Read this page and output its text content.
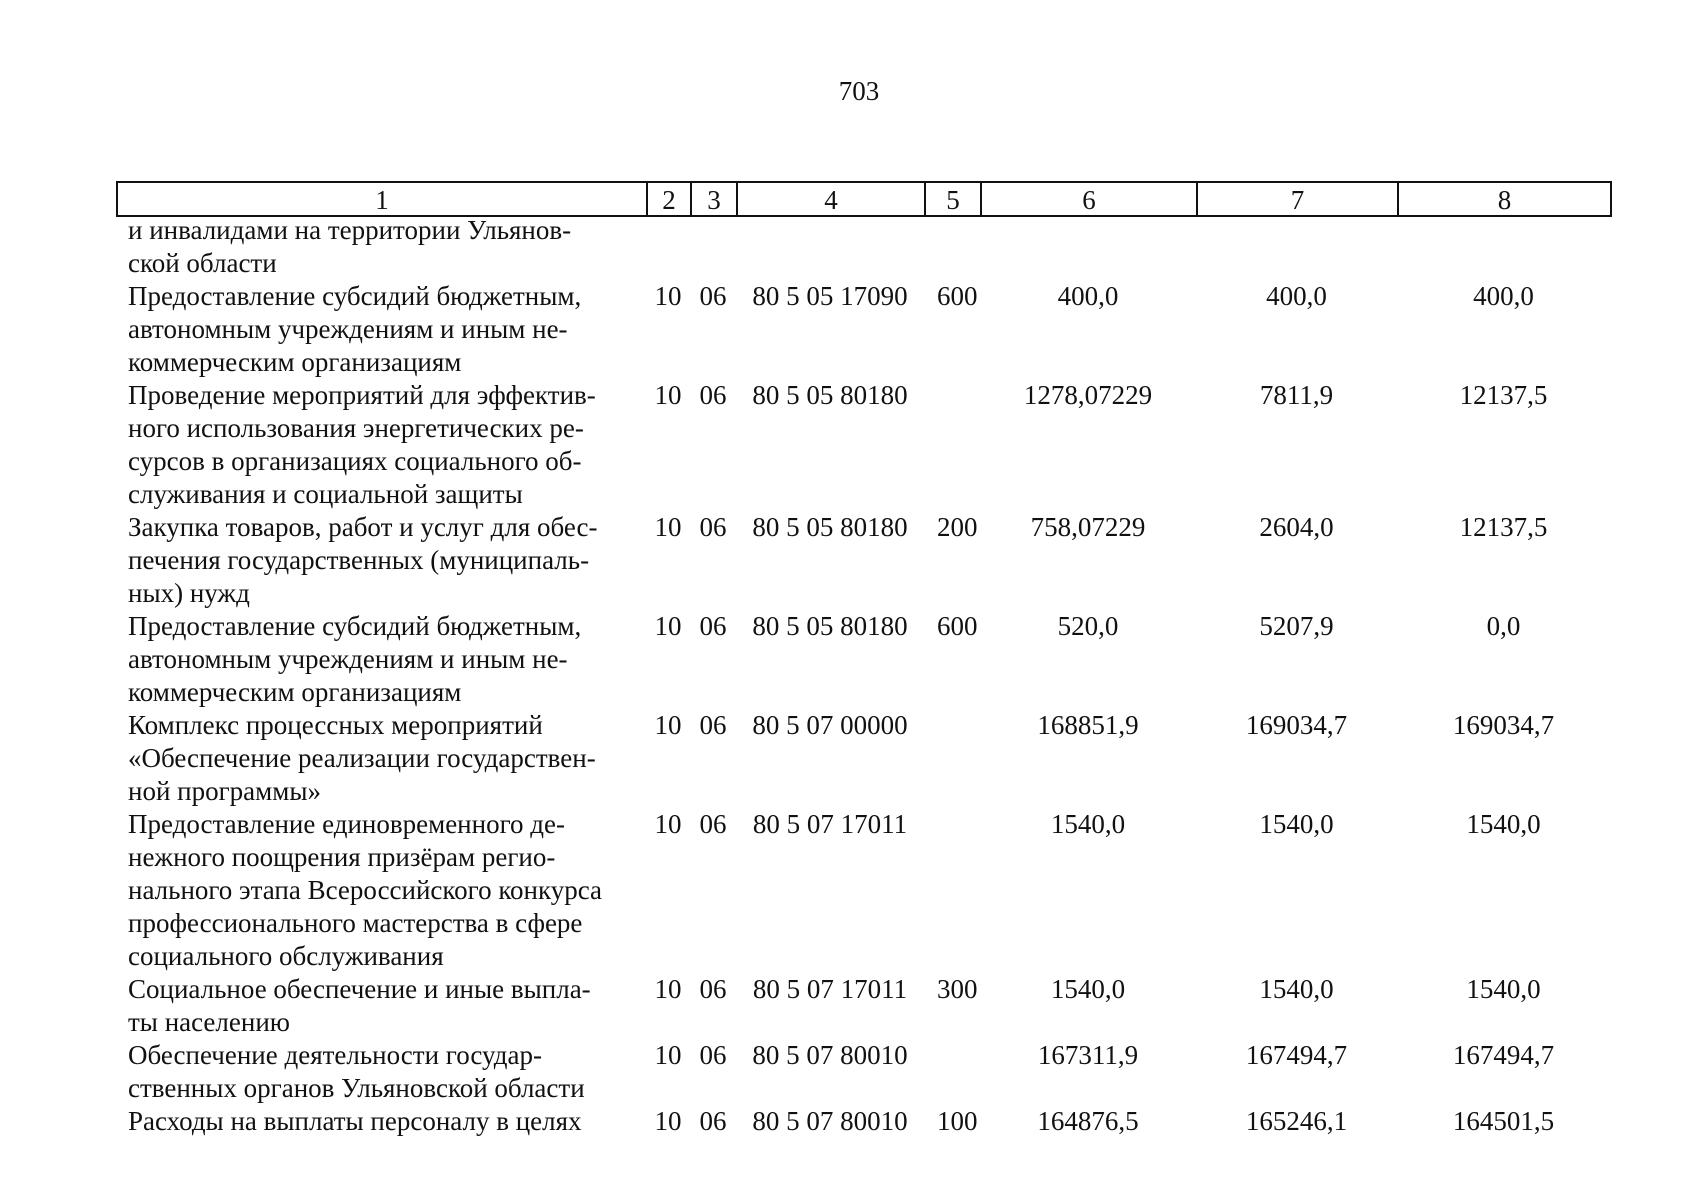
703
1	2	3	4	5	6	7	8
и инвалидами на территории Ульянов-
ской области							

Предоставление субсидий бюджетным,
автономным учреждениям и иным не-
коммерческим организациям	10	06	80 5 05 17090	600	400,0	400,0	400,0

Проведение мероприятий для эффектив-
ного использования энергетических ре-
сурсов в организациях социального об-
служивания и социальной защиты	10	06	80 5 05 80180		1278,07229	7811,9	12137,5

Закупка товаров, работ и услуг для обес-
печения государственных (муниципаль-
ных) нужд	10	06	80 5 05 80180	200	758,07229	2604,0	12137,5

Предоставление субсидий бюджетным,
автономным учреждениям и иным не-
коммерческим организациям	10	06	80 5 05 80180	600	520,0	5207,9	0,0

Комплекс процессных мероприятий
«Обеспечение реализации государствен-
ной программы»	10	06	80 5 07 00000		168851,9	169034,7	169034,7

Предоставление единовременного де-
нежного поощрения призёрам регио-
нального этапа Всероссийского конкурса
профессионального мастерства в сфере
социального обслуживания	10	06	80 5 07 17011		1540,0	1540,0	1540,0

Социальное обеспечение и иные выпла-
ты населению	10	06	80 5 07 17011	300	1540,0	1540,0	1540,0

Обеспечение деятельности государ-
ственных органов Ульяновской области	10	06	80 5 07 80010		167311,9	167494,7	167494,7

Расходы на выплаты персоналу в целях	10	06	80 5 07 80010	100	164876,5	165246,1	164501,5
